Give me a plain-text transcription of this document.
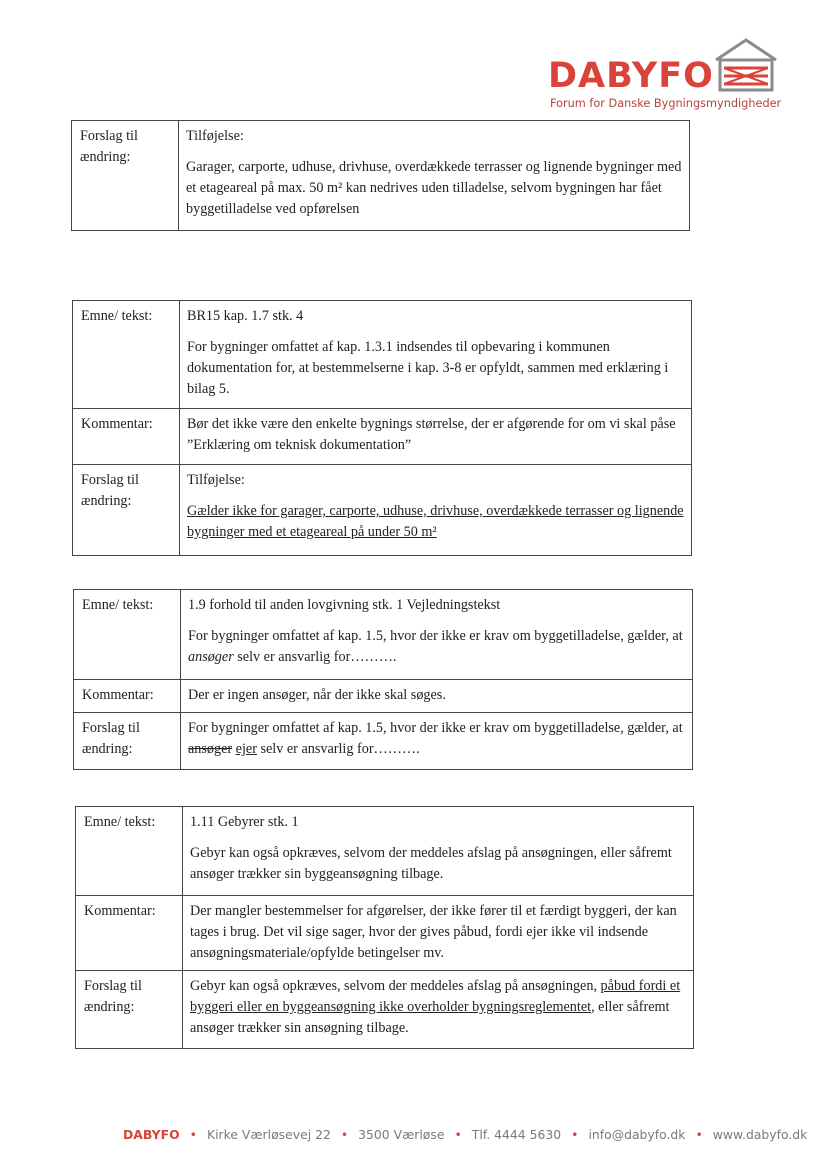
DABYFO
Forum for Danske Bygningsmyndigheder
Forslag til ændring:	

Tilføjelse:

Garager, carporte, udhuse, drivhuse, overdækkede terrasser og lignende bygninger med et etageareal på max. 50 m² kan nedrives uden tilladelse, selvom bygningen har fået byggetilladelse ved opførelsen

Emne/ tekst:	BR15 kap. 1.7 stk. 4

For bygninger omfattet af kap. 1.3.1 indsendes til opbevaring i kommunen dokumentation for, at bestemmelserne i kap. 3-8 er opfyldt, sammen med erklæring i bilag 5.

Kommentar:	Bør det ikke være den enkelte bygnings størrelse, der er afgørende for om vi skal påse ”Erklæring om teknisk dokumentation”
Forslag til ændring:	Tilføjelse:

Gælder ikke for garager, carporte, udhuse, drivhuse, overdækkede terrasser og lignende bygninger med et etageareal på under 50 m²

Emne/ tekst:	1.9 forhold til anden lovgivning stk. 1 Vejledningstekst

For bygninger omfattet af kap. 1.5, hvor der ikke er krav om byggetilladelse, gælder, at ansøger selv er ansvarlig for……….

Kommentar:	Der er ingen ansøger, når der ikke skal søges.
Forslag til ændring:	For bygninger omfattet af kap. 1.5, hvor der ikke er krav om byggetilladelse, gælder, at ansøger ejer selv er ansvarlig for……….
Emne/ tekst:	1.11 Gebyrer stk. 1

Gebyr kan også opkræves, selvom der meddeles afslag på ansøgningen, eller såfremt ansøger trækker sin byggeansøgning tilbage.

Kommentar:	Der mangler bestemmelser for afgørelser, der ikke fører til et færdigt byggeri, der kan tages i brug. Det vil sige sager, hvor der gives påbud, fordi ejer ikke vil indsende ansøgningsmateriale/opfylde betingelser mv.
Forslag til ændring:	Gebyr kan også opkræves, selvom der meddeles afslag på ansøgningen, påbud fordi et byggeri eller en byggeansøgning ikke overholder bygningsreglementet, eller såfremt ansøger trækker sin ansøgning tilbage.
DABYFO • Kirke Værløsevej 22 • 3500 Værløse • Tlf. 4444 5630 • info@dabyfo.dk • www.dabyfo.dk
